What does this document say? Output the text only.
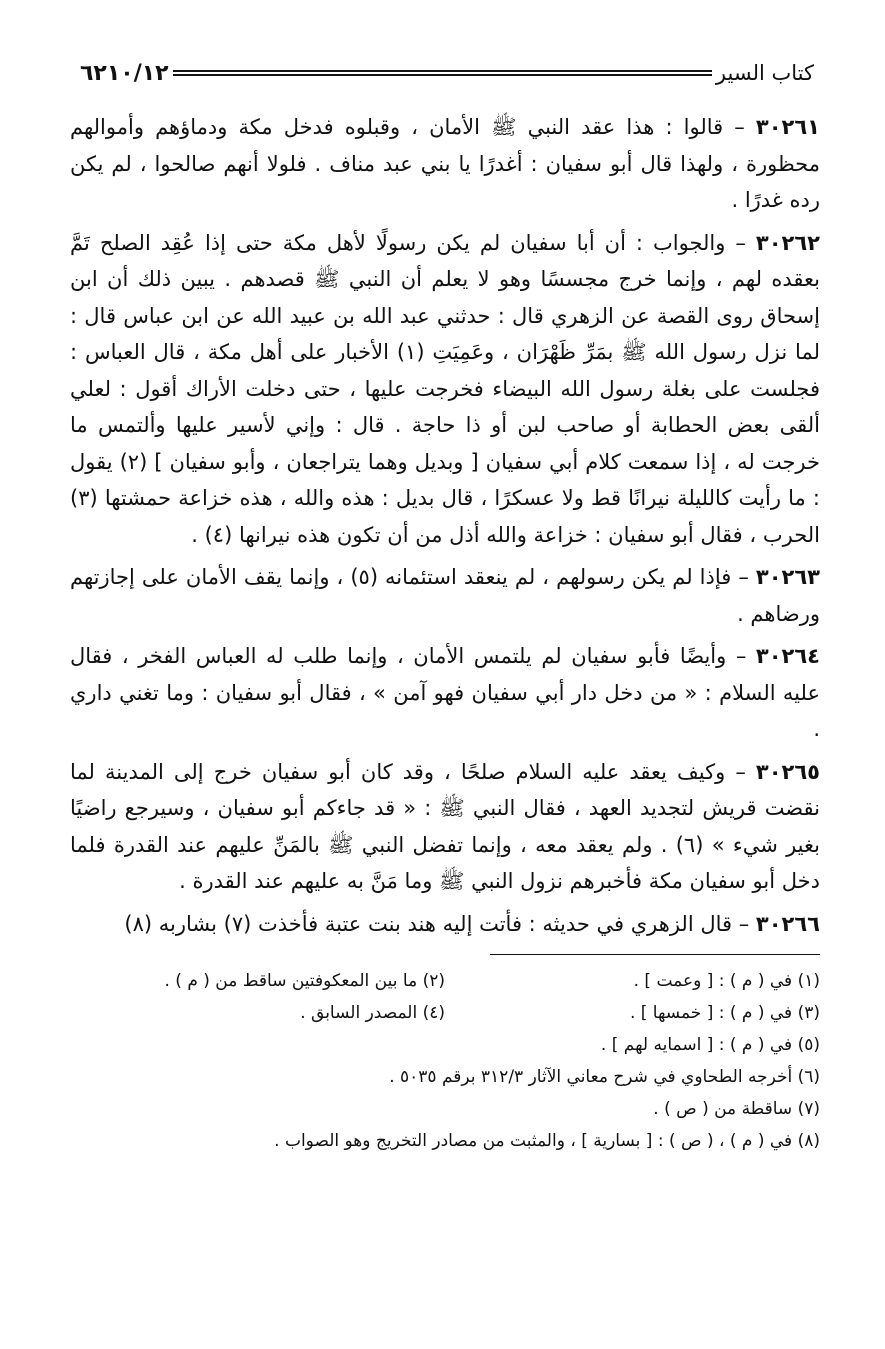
كتاب السير
٦٢١٠/١٢

٣٠٢٦١ – قالوا : هذا عقد النبي ﷺ الأمان ، وقبلوه فدخل مكة ودماؤهم وأموالهم محظورة ، ولهذا قال أبو سفيان : أغدرًا يا بني عبد مناف . فلولا أنهم صالحوا ، لم يكن رده غدرًا .

٣٠٢٦٢ – والجواب : أن أبا سفيان لم يكن رسولًا لأهل مكة حتى إذا عُقِد الصلح تَمَّ بعقده لهم ، وإنما خرج مجسسًا وهو لا يعلم أن النبي ﷺ قصدهم . يبين ذلك أن ابن إسحاق روى القصة عن الزهري قال : حدثني عبد الله بن عبيد الله عن ابن عباس قال : لما نزل رسول الله ﷺ بمَرِّ ظَهْرَان ، وعَمِيَتِ (١) الأخبار على أهل مكة ، قال العباس : فجلست على بغلة رسول الله البيضاء فخرجت عليها ، حتى دخلت الأراك أقول : لعلي ألقى بعض الحطابة أو صاحب لبن أو ذا حاجة . قال : وإني لأسير عليها وألتمس ما خرجت له ، إذا سمعت كلام أبي سفيان [ وبديل وهما يتراجعان ، وأبو سفيان ] (٢) يقول : ما رأيت كالليلة نيرانًا قط ولا عسكرًا ، قال بديل : هذه والله ، هذه خزاعة حمشتها (٣) الحرب ، فقال أبو سفيان : خزاعة والله أذل من أن تكون هذه نيرانها (٤) .

٣٠٢٦٣ – فإذا لم يكن رسولهم ، لم ينعقد استئمانه (٥) ، وإنما يقف الأمان على إجازتهم ورضاهم .

٣٠٢٦٤ – وأيضًا فأبو سفيان لم يلتمس الأمان ، وإنما طلب له العباس الفخر ، فقال عليه السلام : « من دخل دار أبي سفيان فهو آمن » ، فقال أبو سفيان : وما تغني داري .

٣٠٢٦٥ – وكيف يعقد عليه السلام صلحًا ، وقد كان أبو سفيان خرج إلى المدينة لما نقضت قريش لتجديد العهد ، فقال النبي ﷺ : « قد جاءكم أبو سفيان ، وسيرجع راضيًا بغير شيء » (٦) . ولم يعقد معه ، وإنما تفضل النبي ﷺ بالمَنِّ عليهم عند القدرة فلما دخل أبو سفيان مكة فأخبرهم نزول النبي ﷺ وما مَنَّ به عليهم عند القدرة .

٣٠٢٦٦ – قال الزهري في حديثه : فأتت إليه هند بنت عتبة فأخذت (٧) بشاربه (٨)

(١) في ( م ) : [ وعمت ] .
(٢) ما بين المعكوفتين ساقط من ( م ) .
(٣) في ( م ) : [ خمسها ] .
(٤) المصدر السابق .
(٥) في ( م ) : [ اسمايه لهم ] .
(٦) أخرجه الطحاوي في شرح معاني الآثار ٣١٢/٣ برقم ٥٠٣٥ .
(٧) ساقطة من ( ص ) .
(٨) في ( م ) ، ( ص ) : [ بسارية ] ، والمثبت من مصادر التخريج وهو الصواب .
